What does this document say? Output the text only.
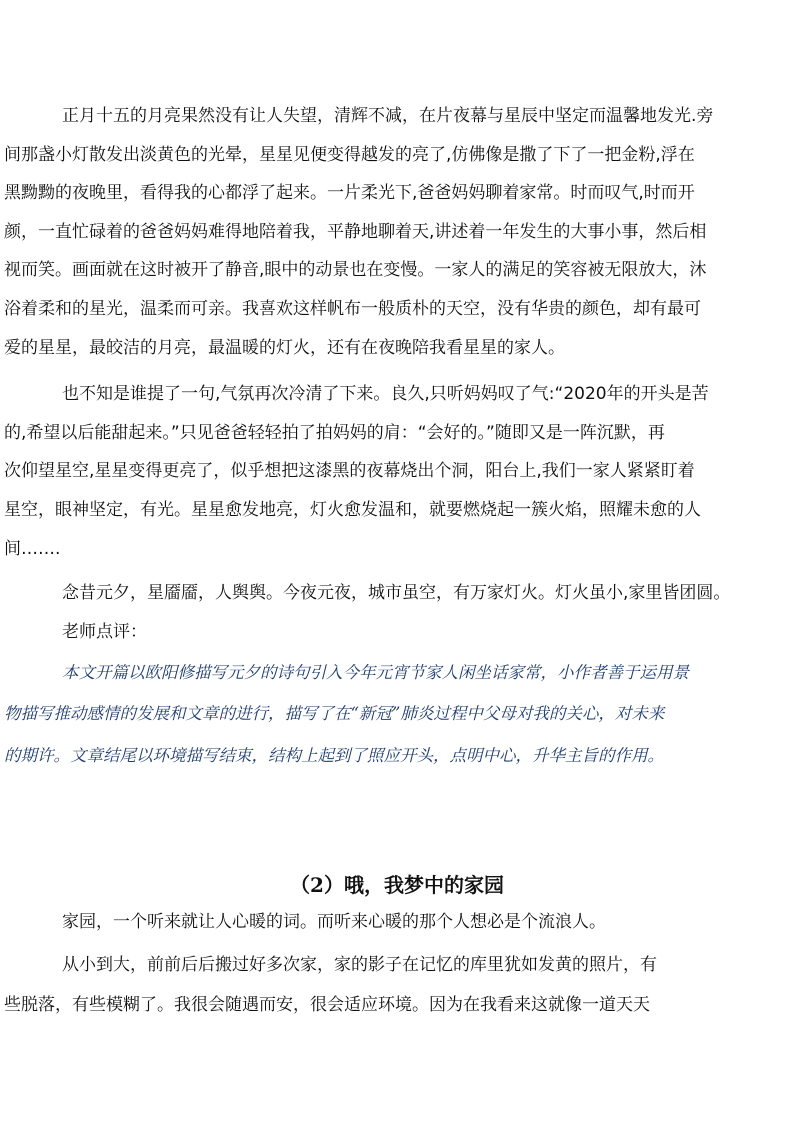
正月十五的月亮果然没有让人失望，清辉不减，在片夜幕与星辰中坚定而温馨地发光.旁
间那盏小灯散发出淡黄色的光晕，星星见便变得越发的亮了,仿佛像是撒了下了一把金粉,浮在
黑黝黝的夜晚里，看得我的心都浮了起来。一片柔光下,爸爸妈妈聊着家常。时而叹气,时而开
颜，一直忙碌着的爸爸妈妈难得地陪着我，平静地聊着天,讲述着一年发生的大事小事，然后相
视而笑。画面就在这时被开了静音,眼中的动景也在变慢。一家人的满足的笑容被无限放大，沐
浴着柔和的星光，温柔而可亲。我喜欢这样帆布一般质朴的天空，没有华贵的颜色，却有最可
爱的星星，最皎洁的月亮，最温暖的灯火，还有在夜晚陪我看星星的家人。
也不知是谁提了一句,气氛再次冷清了下来。良久,只听妈妈叹了气:“2020年的开头是苦
的,希望以后能甜起来。”只见爸爸轻轻拍了拍妈妈的肩：“会好的。”随即又是一阵沉默，再
次仰望星空,星星变得更亮了，似乎想把这漆黑的夜幕烧出个洞，阳台上,我们一家人紧紧盯着
星空，眼神坚定，有光。星星愈发地亮，灯火愈发温和，就要燃烧起一簇火焰，照耀未愈的人
间…….
念昔元夕，星靥靥，人舆舆。今夜元夜，城市虽空，有万家灯火。灯火虽小,家里皆团圆。
老师点评：
本文开篇以欧阳修描写元夕的诗句引入今年元宵节家人闲坐话家常，小作者善于运用景
物描写推动感情的发展和文章的进行，描写了在“新冠”肺炎过程中父母对我的关心，对未来
的期许。文章结尾以环境描写结束，结构上起到了照应开头，点明中心，升华主旨的作用。
（2）哦，我梦中的家园
家园，一个听来就让人心暖的词。而听来心暖的那个人想必是个流浪人。
从小到大，前前后后搬过好多次家，家的影子在记忆的库里犹如发黄的照片，有
些脱落，有些模糊了。我很会随遇而安，很会适应环境。因为在我看来这就像一道天天
